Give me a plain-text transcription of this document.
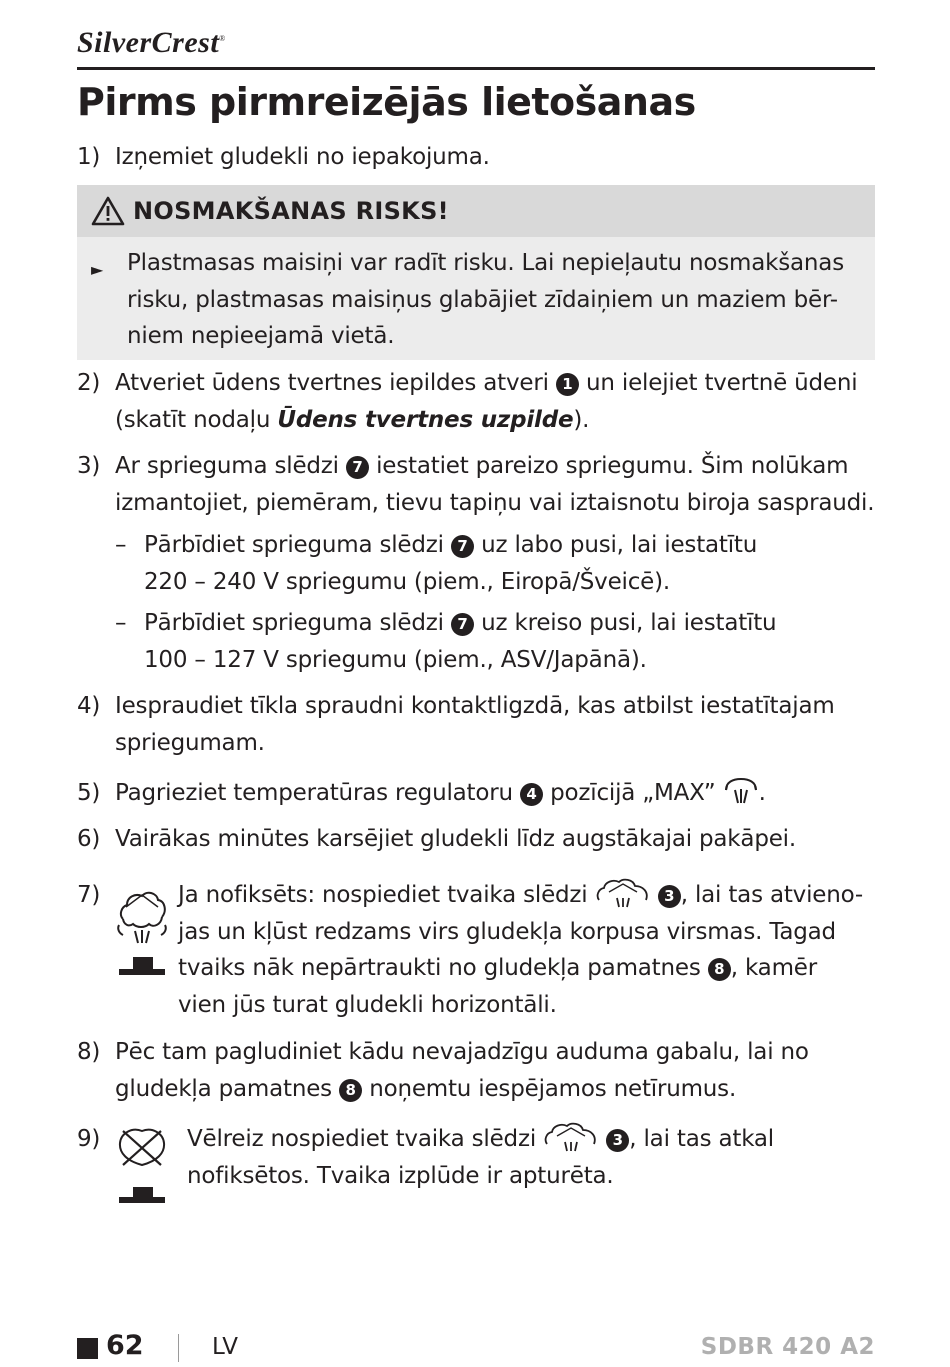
SilverCrest®
Pirms pirmreizējās lietošanas
1) Izņemiet gludekli no iepakojuma.
NOSMAKŠANAS RISKS!
► Plastmasas maisiņi var radīt risku. Lai nepieļautu nosmakšanas
risku, plastmasas maisiņus glabājiet zīdaiņiem un maziem bēr-
niem nepieejamā vietā.
2) Atveriet ūdens tvertnes iepildes atveri 1 un ielejiet tvertnē ūdeni
(skatīt nodaļu Ūdens tvertnes uzpilde).
3) Ar sprieguma slēdzi 7 iestatiet pareizo spriegumu. Šim nolūkam
izmantojiet, piemēram, tievu tapiņu vai iztaisnotu biroja saspraudi.
– Pārbīdiet sprieguma slēdzi 7 uz labo pusi, lai iestatītu
220 – 240 V spriegumu (piem., Eiropā/Šveicē).
– Pārbīdiet sprieguma slēdzi 7 uz kreiso pusi, lai iestatītu
100 – 127 V spriegumu (piem., ASV/Japānā).
4) Iespraudiet tīkla spraudni kontaktligzdā, kas atbilst iestatītajam
spriegumam.
5) Pagrieziet temperatūras regulatoru 4 pozīcijā „MAX” .
6) Vairākas minūtes karsējiet gludekli līdz augstākajai pakāpei.
7)	Ja nofiksēts: nospiediet tvaika slēdzi	3 , lai tas atvieno-
jas un kļūst redzams virs gludekļa korpusa virsmas. Tagad
tvaiks nāk nepārtraukti no gludekļa pamatnes 8 , kamēr
vien jūs turat gludekli horizontāli.
8) Pēc tam pagludiniet kādu nevajadzīgu auduma gabalu, lai no
gludekļa pamatnes 8 noņemtu iespējamos netīrumus.
9)	Vēlreiz nospiediet tvaika slēdzi	3 , lai tas atkal
nofiksētos. Tvaika izplūde ir apturēta.
62	LV	SDBR 420 A2
